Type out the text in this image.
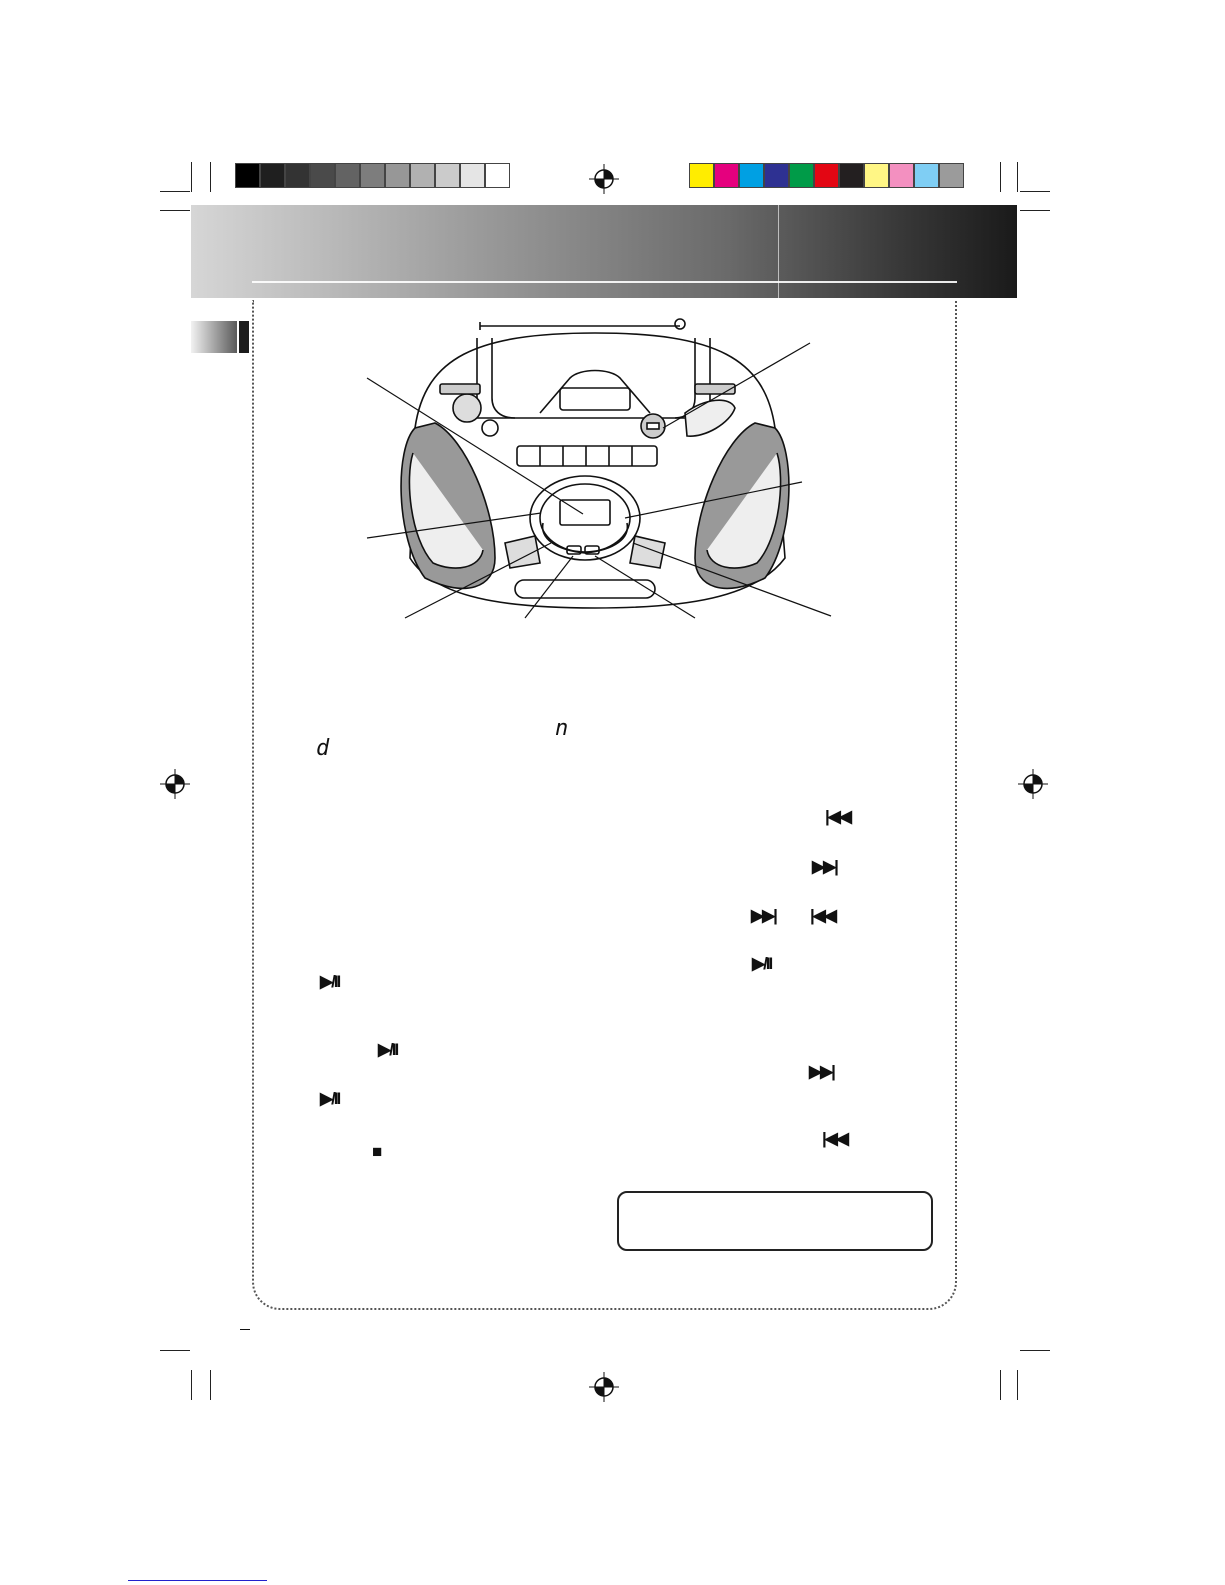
n
d
|◀◀
▶▶|
▶▶| |◀◀
▶/II
▶/II
▶/II
▶▶|
▶/II
|◀◀
■
